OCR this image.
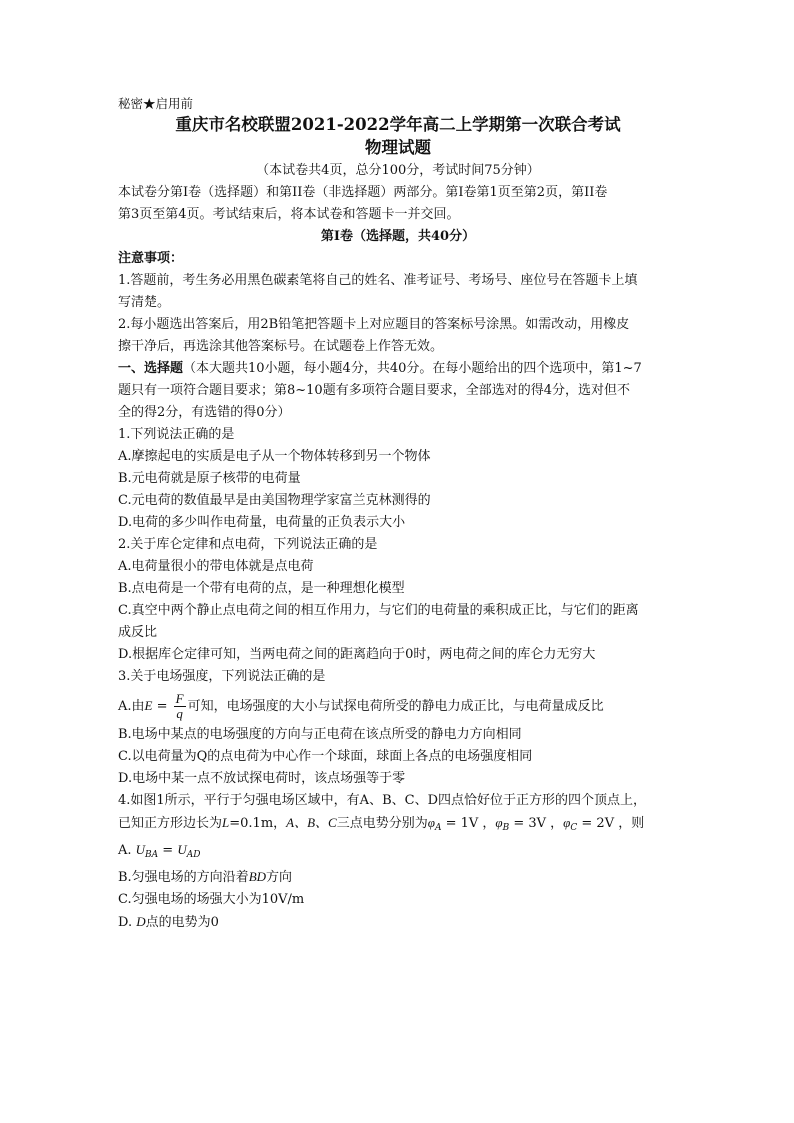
秘密★启用前
重庆市名校联盟2021-2022学年高二上学期第一次联合考试
物理试题
（本试卷共4页，总分100分，考试时间75分钟）
本试卷分第I卷（选择题）和第II卷（非选择题）两部分。第I卷第1页至第2页，第II卷
第3页至第4页。考试结束后，将本试卷和答题卡一并交回。
第I卷（选择题，共40分）
注意事项：
1.答题前，考生务必用黑色碳素笔将自己的姓名、准考证号、考场号、座位号在答题卡上填
写清楚。
2.每小题选出答案后，用2B铅笔把答题卡上对应题目的答案标号涂黑。如需改动，用橡皮
擦干净后，再选涂其他答案标号。在试题卷上作答无效。
一、选择题（本大题共10小题，每小题4分，共40分。在每小题给出的四个选项中，第1~7
题只有一项符合题目要求；第8~10题有多项符合题目要求，全部选对的得4分，选对但不
全的得2分，有选错的得0分）
1.下列说法正确的是
A.摩擦起电的实质是电子从一个物体转移到另一个物体
B.元电荷就是原子核带的电荷量
C.元电荷的数值最早是由美国物理学家富兰克林测得的
D.电荷的多少叫作电荷量，电荷量的正负表示大小
2.关于库仑定律和点电荷，下列说法正确的是
A.电荷量很小的带电体就是点电荷
B.点电荷是一个带有电荷的点，是一种理想化模型
C.真空中两个静止点电荷之间的相互作用力，与它们的电荷量的乘积成正比，与它们的距离
成反比
D.根据库仑定律可知，当两电荷之间的距离趋向于0时，两电荷之间的库仑力无穷大
3.关于电场强度，下列说法正确的是
A.由$E = \frac{F}{q}$ 可知，电场强度的大小与试探电荷所受的静电力成正比，与电荷量成反比
B.电场中某点的电场强度的方向与正电荷在该点所受的静电力方向相同
C.以电荷量为Q的点电荷为中心作一个球面，球面上各点的电场强度相同
D.电场中某一点不放试探电荷时，该点场强等于零
4.如图1所示，平行于匀强电场区域中，有A、B、C、D四点恰好位于正方形的四个顶点上，
已知正方形边长为L=0.1m，A、B、C三点电势分别为$\varphi_A = 1V$ ，$\varphi_B = 3V$ ，$\varphi_C = 2V$ ，则
A. $U_{BA} = U_{AD}$
B.匀强电场的方向沿着BD方向
C.匀强电场的场强大小为10V/m
D. D点的电势为0
